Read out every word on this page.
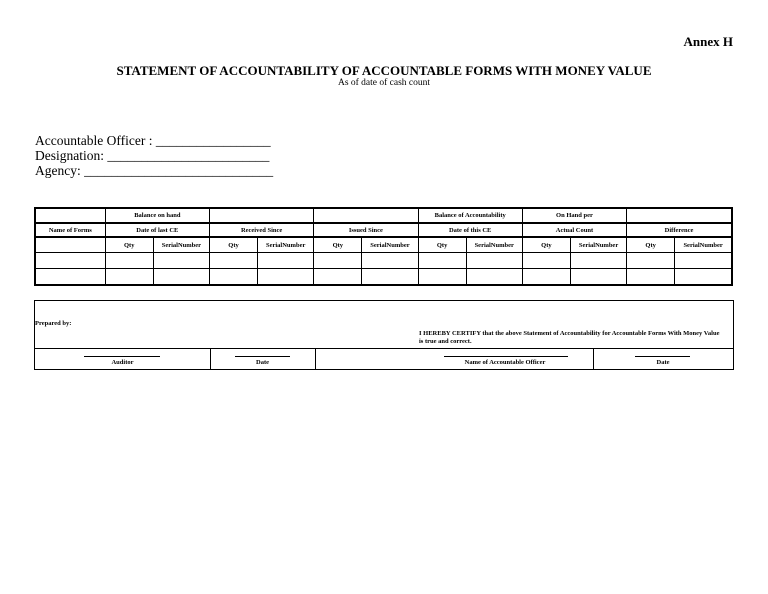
Annex H
STATEMENT OF ACCOUNTABILITY OF ACCOUNTABLE FORMS WITH MONEY VALUE
As of date of cash count
Accountable Officer : _________________
Designation: ________________________
Agency: ____________________________
	Balance on hand						Balance of Accountability		On Hand per			
Name of Forms	Date of last CE		Received Since		Issued Since		Date of this CE		Actual Count		Difference	
	Qty	SerialNumber	Qty	SerialNumber	Qty	SerialNumber	Qty	SerialNumber	Qty	SerialNumber	Qty	SerialNumber

Prepared by:
I HEREBY CERTIFY that the above Statement of Accountability for Accountable Forms With Money Value is true and correct.
Auditor	Date	Name of Accountable Officer	Date
